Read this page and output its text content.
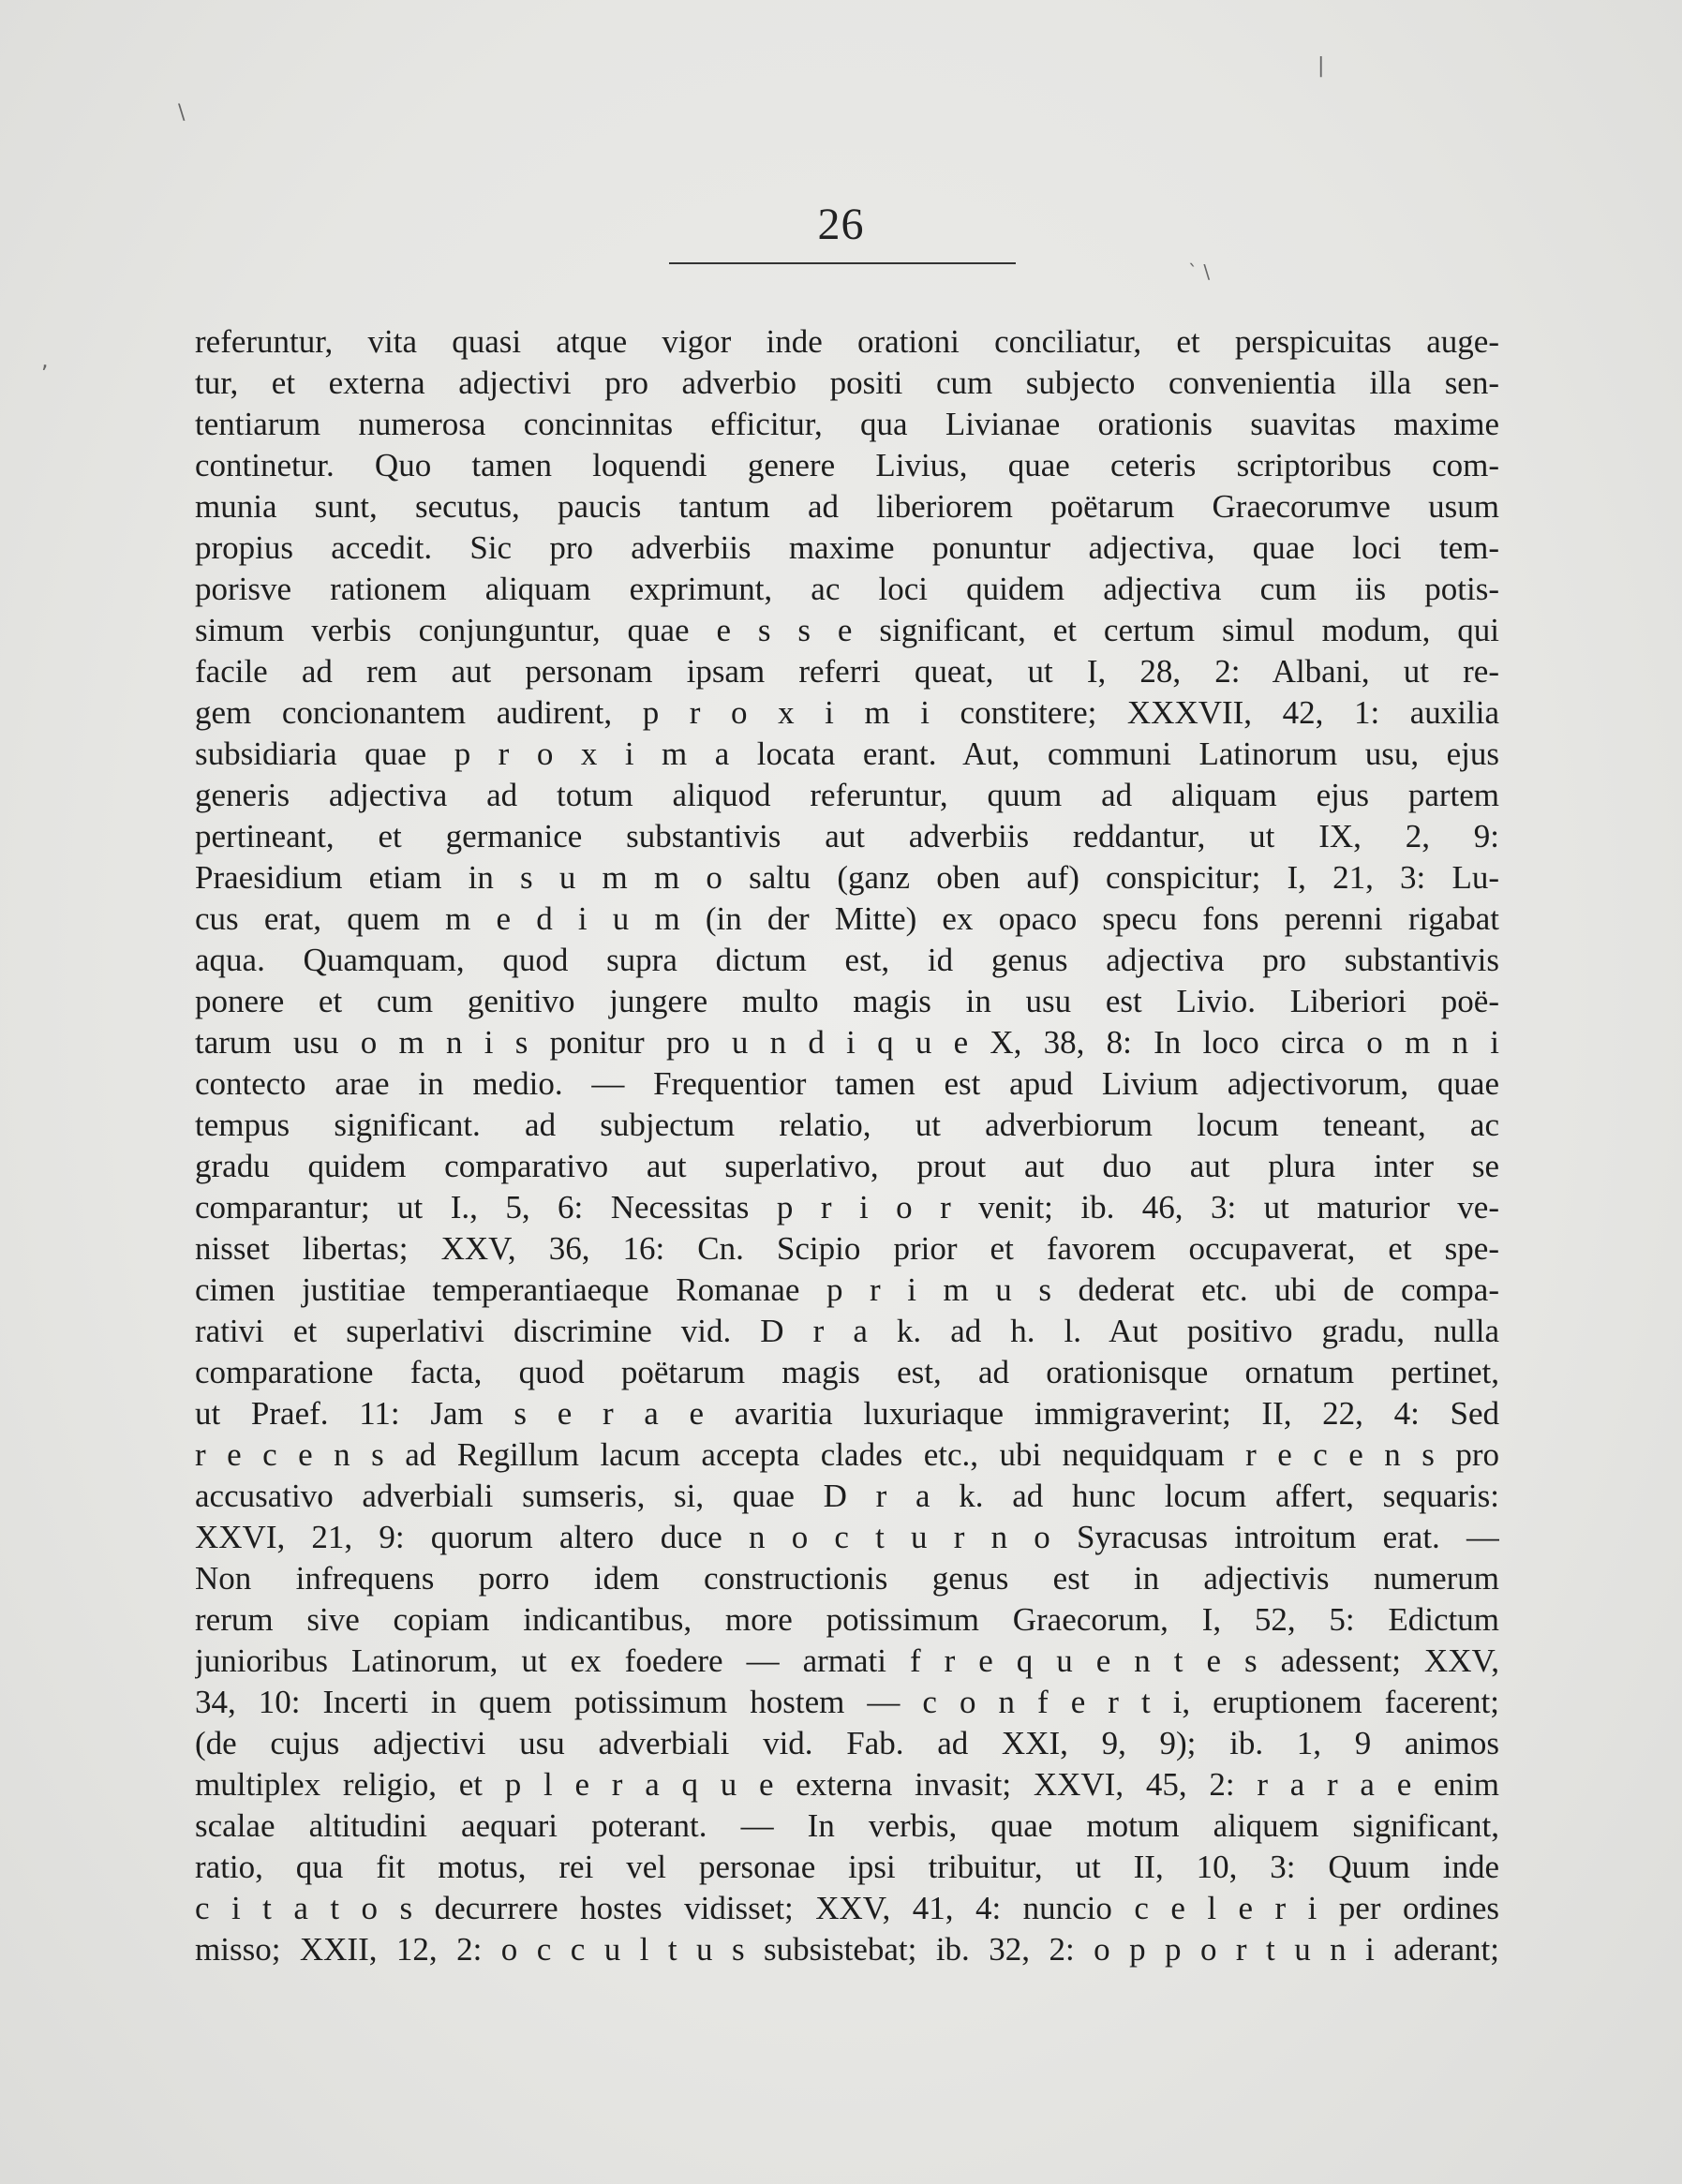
\
` \
,
|
26
referuntur, vita quasi atque vigor inde orationi conciliatur, et perspicuitas auge-
tur, et externa adjectivi pro adverbio positi cum subjecto convenientia illa sen-
tentiarum numerosa concinnitas efficitur, qua Livianae orationis suavitas maxime
continetur. Quo tamen loquendi genere Livius, quae ceteris scriptoribus com-
munia sunt, secutus, paucis tantum ad liberiorem poëtarum Graecorumve usum
propius accedit. Sic pro adverbiis maxime ponuntur adjectiva, quae loci tem-
porisve rationem aliquam exprimunt, ac loci quidem adjectiva cum iis potis-
simum verbis conjunguntur, quae e s s e significant, et certum simul modum, qui
facile ad rem aut personam ipsam referri queat, ut I, 28, 2: Albani, ut re-
gem concionantem audirent, p r o x i m i constitere; XXXVII, 42, 1: auxilia
subsidiaria quae p r o x i m a locata erant. Aut, communi Latinorum usu, ejus
generis adjectiva ad totum aliquod referuntur, quum ad aliquam ejus partem
pertineant, et germanice substantivis aut adverbiis reddantur, ut IX, 2, 9:
Praesidium etiam in s u m m o saltu (ganz oben auf) conspicitur; I, 21, 3: Lu-
cus erat, quem m e d i u m (in der Mitte) ex opaco specu fons perenni rigabat
aqua. Quamquam, quod supra dictum est, id genus adjectiva pro substantivis
ponere et cum genitivo jungere multo magis in usu est Livio. Liberiori poë-
tarum usu o m n i s ponitur pro u n d i q u e X, 38, 8: In loco circa o m n i
contecto arae in medio. — Frequentior tamen est apud Livium adjectivorum, quae
tempus significant. ad subjectum relatio, ut adverbiorum locum teneant, ac
gradu quidem comparativo aut superlativo, prout aut duo aut plura inter se
comparantur; ut I., 5, 6: Necessitas p r i o r venit; ib. 46, 3: ut maturior ve-
nisset libertas; XXV, 36, 16: Cn. Scipio prior et favorem occupaverat, et spe-
cimen justitiae temperantiaeque Romanae p r i m u s dederat etc. ubi de compa-
rativi et superlativi discrimine vid. D r a k. ad h. l. Aut positivo gradu, nulla
comparatione facta, quod poëtarum magis est, ad orationisque ornatum pertinet,
ut Praef. 11: Jam s e r a e avaritia luxuriaque immigraverint; II, 22, 4: Sed
r e c e n s ad Regillum lacum accepta clades etc., ubi nequidquam r e c e n s pro
accusativo adverbiali sumseris, si, quae D r a k. ad hunc locum affert, sequaris:
XXVI, 21, 9: quorum altero duce n o c t u r n o Syracusas introitum erat. —
Non infrequens porro idem constructionis genus est in adjectivis numerum
rerum sive copiam indicantibus, more potissimum Graecorum, I, 52, 5: Edictum
junioribus Latinorum, ut ex foedere — armati f r e q u e n t e s adessent; XXV,
34, 10: Incerti in quem potissimum hostem — c o n f e r t i, eruptionem facerent;
(de cujus adjectivi usu adverbiali vid. Fab. ad XXI, 9, 9); ib. 1, 9 animos
multiplex religio, et p l e r a q u e externa invasit; XXVI, 45, 2: r a r a e enim
scalae altitudini aequari poterant. — In verbis, quae motum aliquem significant,
ratio, qua fit motus, rei vel personae ipsi tribuitur, ut II, 10, 3: Quum inde
c i t a t o s decurrere hostes vidisset; XXV, 41, 4: nuncio c e l e r i per ordines
misso; XXII, 12, 2: o c c u l t u s subsistebat; ib. 32, 2: o p p o r t u n i aderant;
